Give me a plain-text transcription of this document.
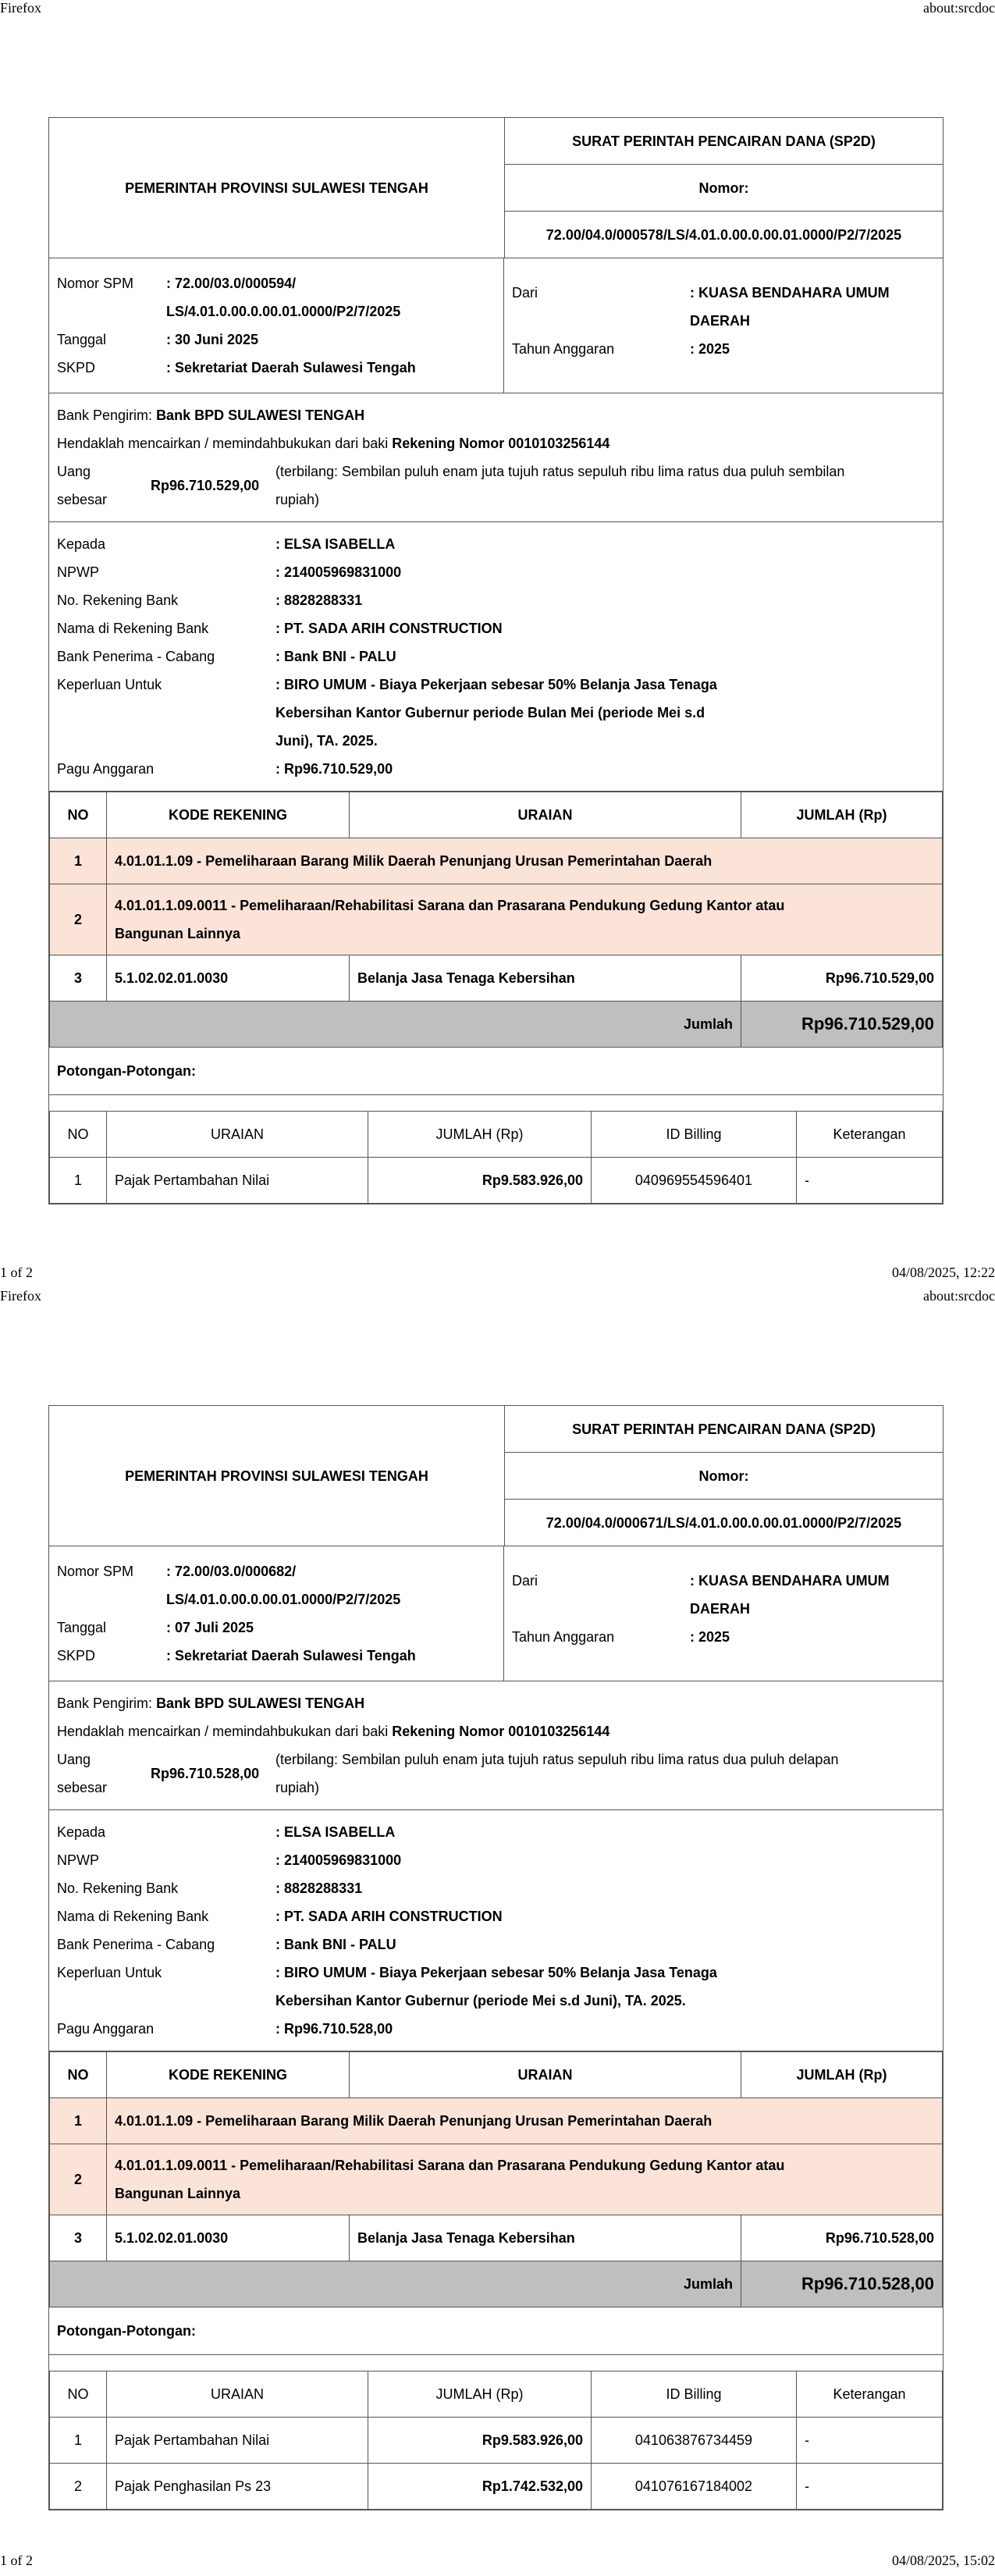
Firefox	about:srcdoc
PEMERINTAH PROVINSI SULAWESI TENGAH
SURAT PERINTAH PENCAIRAN DANA (SP2D)
Nomor:
72.00/04.0/000578/LS/4.01.0.00.0.00.01.0000/P2/7/2025
Nomor SPM	: 72.00/03.0/000594/
LS/4.01.0.00.0.00.01.0000/P2/7/2025
Tanggal	: 30 Juni 2025
SKPD	: Sekretariat Daerah Sulawesi Tengah
Dari	: KUASA BENDAHARA UMUM
DAERAH
Tahun Anggaran	: 2025
Bank Pengirim: Bank BPD SULAWESI TENGAH
Hendaklah mencairkan / memindahbukukan dari baki Rekening Nomor 0010103256144
Uang
sebesar
Rp96.710.529,00
(terbilang: Sembilan puluh enam juta tujuh ratus sepuluh ribu lima ratus dua puluh sembilan
rupiah)
Kepada	: ELSA ISABELLA
NPWP	: 214005969831000
No. Rekening Bank	: 8828288331
Nama di Rekening Bank	: PT. SADA ARIH CONSTRUCTION
Bank Penerima - Cabang	: Bank BNI - PALU
Keperluan Untuk	: BIRO UMUM - Biaya Pekerjaan sebesar 50% Belanja Jasa Tenaga
Kebersihan Kantor Gubernur periode Bulan Mei (periode Mei s.d
Juni), TA. 2025.
Pagu Anggaran	: Rp96.710.529,00
NO	KODE REKENING	URAIAN	JUMLAH (Rp)
1	4.01.01.1.09 - Pemeliharaan Barang Milik Daerah Penunjang Urusan Pemerintahan Daerah		
2	4.01.01.1.09.0011 - Pemeliharaan/Rehabilitasi Sarana dan Prasarana Pendukung Gedung Kantor atau
Bangunan Lainnya		

3	5.1.02.02.01.0030	Belanja Jasa Tenaga Kebersihan	Rp96.710.529,00
Jumlah			Rp96.710.529,00
Potongan-Potongan:
NO	URAIAN	JUMLAH (Rp)	ID Billing	Keterangan
1	Pajak Pertambahan Nilai	Rp9.583.926,00	040969554596401	-
1 of 2	04/08/2025, 12:22
Firefox	about:srcdoc
PEMERINTAH PROVINSI SULAWESI TENGAH
SURAT PERINTAH PENCAIRAN DANA (SP2D)
Nomor:
72.00/04.0/000671/LS/4.01.0.00.0.00.01.0000/P2/7/2025
Nomor SPM	: 72.00/03.0/000682/
LS/4.01.0.00.0.00.01.0000/P2/7/2025
Tanggal	: 07 Juli 2025
SKPD	: Sekretariat Daerah Sulawesi Tengah
Dari	: KUASA BENDAHARA UMUM
DAERAH
Tahun Anggaran	: 2025
Bank Pengirim: Bank BPD SULAWESI TENGAH
Hendaklah mencairkan / memindahbukukan dari baki Rekening Nomor 0010103256144
Uang
sebesar
Rp96.710.528,00
(terbilang: Sembilan puluh enam juta tujuh ratus sepuluh ribu lima ratus dua puluh delapan
rupiah)
Kepada	: ELSA ISABELLA
NPWP	: 214005969831000
No. Rekening Bank	: 8828288331
Nama di Rekening Bank	: PT. SADA ARIH CONSTRUCTION
Bank Penerima - Cabang	: Bank BNI - PALU
Keperluan Untuk	: BIRO UMUM - Biaya Pekerjaan sebesar 50% Belanja Jasa Tenaga
Kebersihan Kantor Gubernur (periode Mei s.d Juni), TA. 2025.
Pagu Anggaran	: Rp96.710.528,00
NO	KODE REKENING	URAIAN	JUMLAH (Rp)
1	4.01.01.1.09 - Pemeliharaan Barang Milik Daerah Penunjang Urusan Pemerintahan Daerah		
2	4.01.01.1.09.0011 - Pemeliharaan/Rehabilitasi Sarana dan Prasarana Pendukung Gedung Kantor atau
Bangunan Lainnya		

3	5.1.02.02.01.0030	Belanja Jasa Tenaga Kebersihan	Rp96.710.528,00
Jumlah			Rp96.710.528,00
Potongan-Potongan:
NO	URAIAN	JUMLAH (Rp)	ID Billing	Keterangan
1	Pajak Pertambahan Nilai	Rp9.583.926,00	041063876734459	-
2	Pajak Penghasilan Ps 23	Rp1.742.532,00	041076167184002	-
1 of 2	04/08/2025, 15:02
